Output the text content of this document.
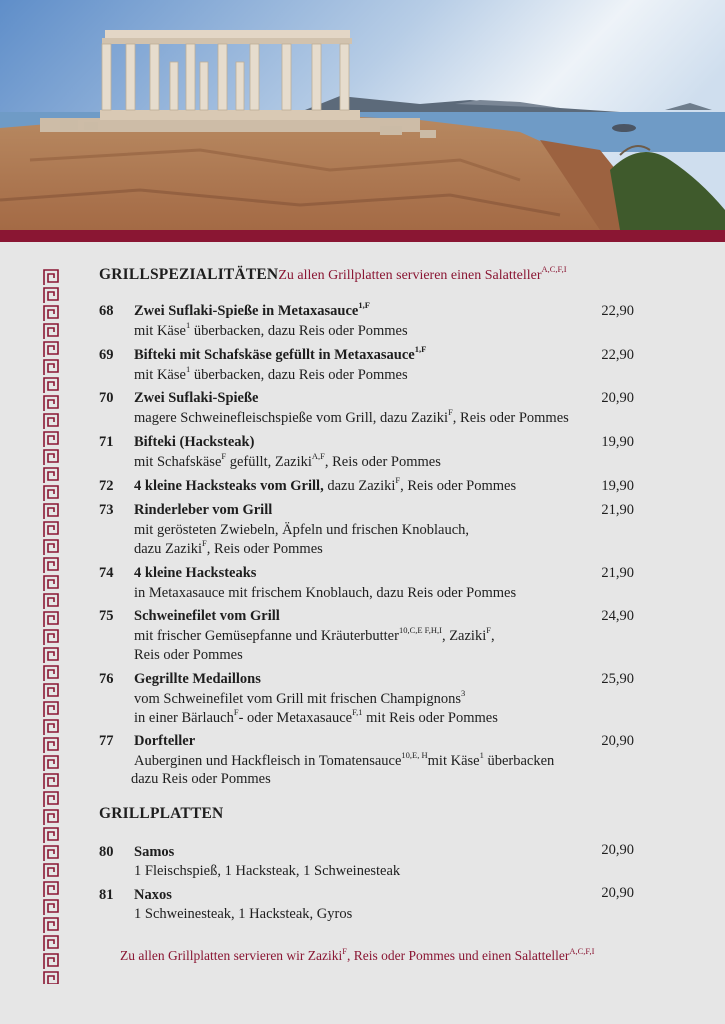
GRILLSPEZIALITÄTENZu allen Grillplatten servieren einen Salatteller$^{A,C,F,I}$
68 Zwei Suflaki-Spieße in Metaxasauce$^{1,F}$
mit Käse$^1$ überbacken, dazu Reis oder Pommes
22,90
69 Bifteki mit Schafskäse gefüllt in Metaxasauce$^{1,F}$
mit Käse$^1$ überbacken, dazu Reis oder Pommes
22,90
70 Zwei Suflaki-Spieße
magere Schweinefleischspieße vom Grill, dazu Zaziki$^F$, Reis oder Pommes
20,90
71 Bifteki (Hacksteak)
mit Schafskäse$^F$ gefüllt, Zaziki$^{A,F}$, Reis oder Pommes
19,90
72 4 kleine Hacksteaks vom Grill, dazu Zaziki$^F$, Reis oder Pommes	19,90
73 Rinderleber vom Grill
mit gerösteten Zwiebeln, Äpfeln und frischen Knoblauch,
dazu Zaziki$^F$, Reis oder Pommes
21,90
74 4 kleine Hacksteaks
in Metaxasauce mit frischem Knoblauch, dazu Reis oder Pommes
21,90
75 Schweinefilet vom Grill
mit frischer Gemüsepfanne und Kräuterbutter$^{10,C,E F,H,I}$, Zaziki$^F$,
Reis oder Pommes
24,90
76 Gegrillte Medaillons
vom Schweinefilet vom Grill mit frischen Champignons$^3$
in einer Bärlauch$^F$- oder Metaxasauce$^{F,1}$ mit Reis oder Pommes
25,90
77 Dorfteller
Auberginen und Hackfleisch in Tomatensauce$^{10,E, H}$mit Käse$^1$ überbacken
dazu Reis oder Pommes
20,90
GRILLPLATTEN
80 Samos
1 Fleischspieß, 1 Hacksteak, 1 Schweinesteak
20,90
81 Naxos
1 Schweinesteak, 1 Hacksteak, Gyros
20,90
Zu allen Grillplatten servieren wir Zaziki$^F$, Reis oder Pommes und einen Salatteller$^{A,C,F,I}$
